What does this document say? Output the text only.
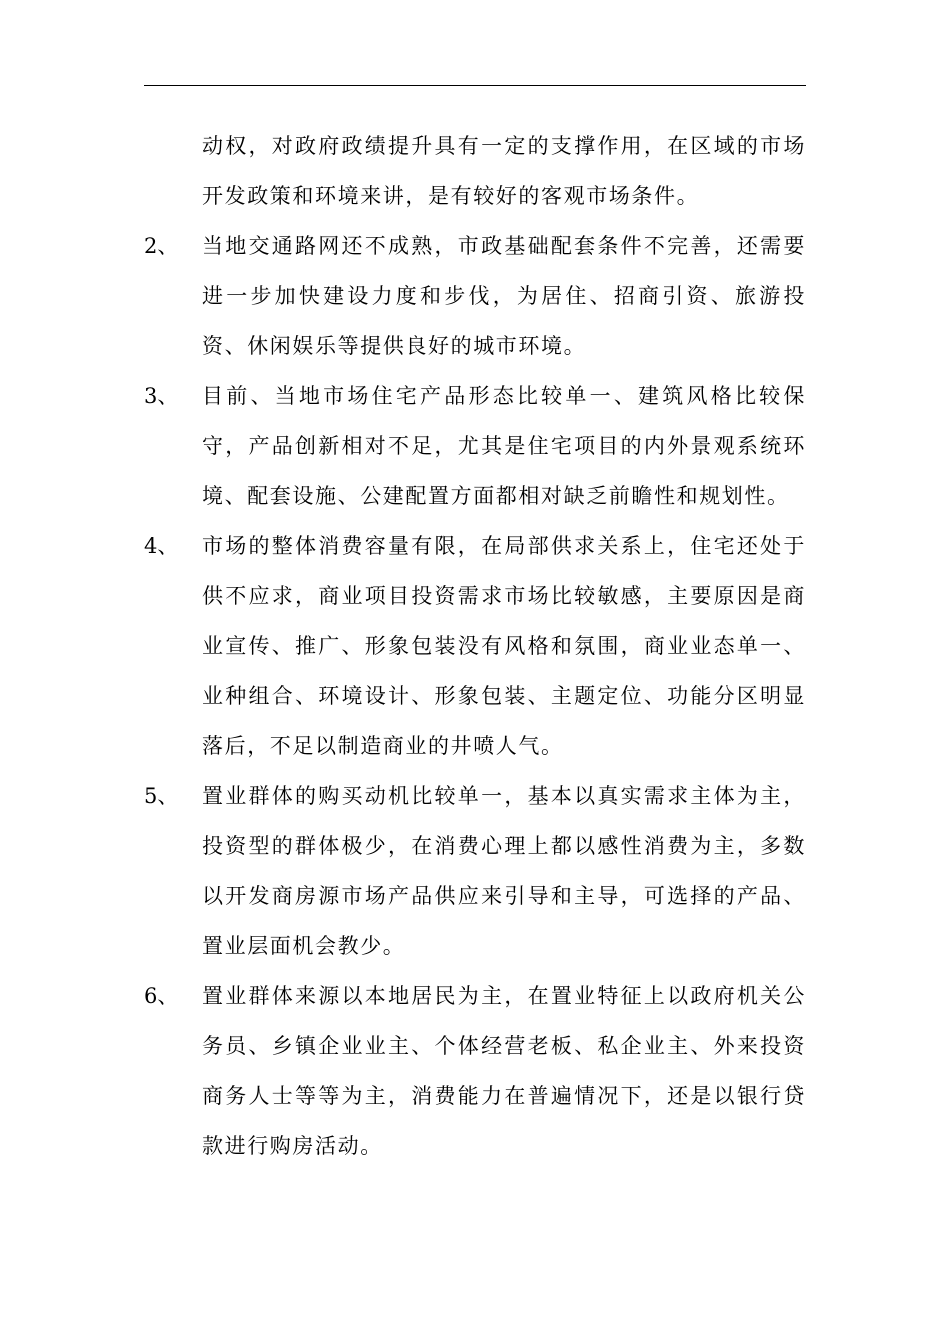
动权，对政府政绩提升具有一定的支撑作用，在区域的市场开发政策和环境来讲，是有较好的客观市场条件。

2、	当地交通路网还不成熟，市政基础配套条件不完善，还需要进一步加快建设力度和步伐，为居住、招商引资、旅游投资、休闲娱乐等提供良好的城市环境。

3、	目前、当地市场住宅产品形态比较单一、建筑风格比较保守，产品创新相对不足，尤其是住宅项目的内外景观系统环境、配套设施、公建配置方面都相对缺乏前瞻性和规划性。

4、	市场的整体消费容量有限，在局部供求关系上，住宅还处于供不应求，商业项目投资需求市场比较敏感，主要原因是商业宣传、推广、形象包装没有风格和氛围，商业业态单一、业种组合、环境设计、形象包装、主题定位、功能分区明显落后，不足以制造商业的井喷人气。

5、	置业群体的购买动机比较单一，基本以真实需求主体为主，投资型的群体极少，在消费心理上都以感性消费为主，多数以开发商房源市场产品供应来引导和主导，可选择的产品、置业层面机会教少。

6、	置业群体来源以本地居民为主，在置业特征上以政府机关公务员、乡镇企业业主、个体经营老板、私企业主、外来投资商务人士等等为主，消费能力在普遍情况下，还是以银行贷款进行购房活动。
